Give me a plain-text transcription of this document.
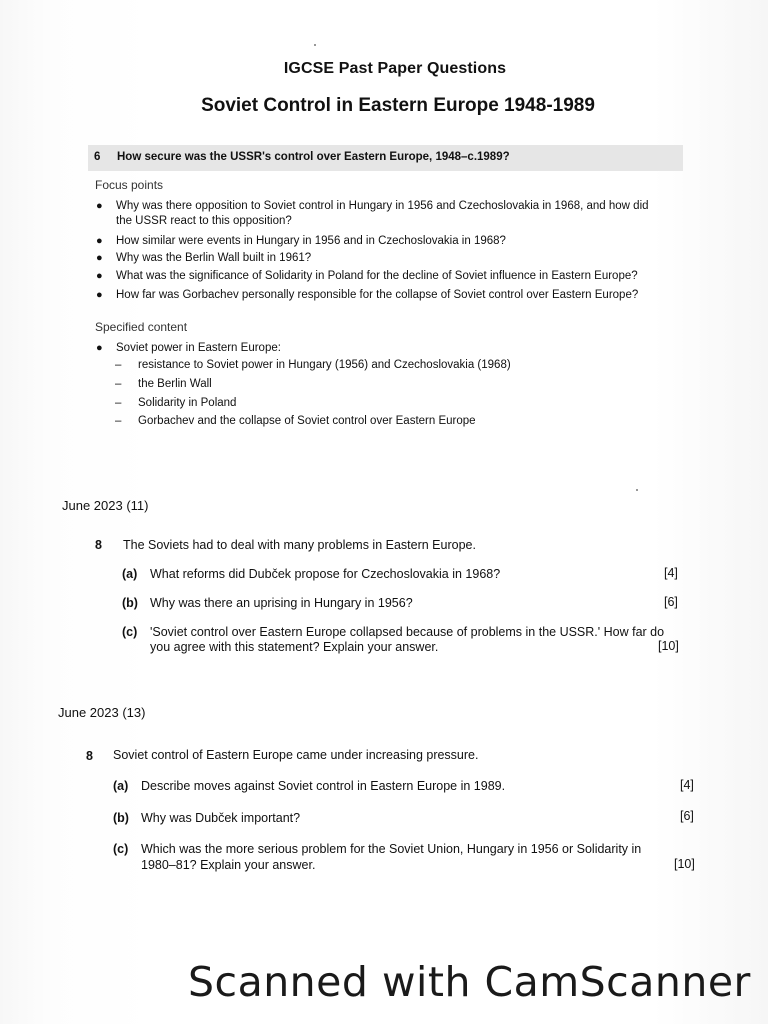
IGCSE Past Paper Questions
Soviet Control in Eastern Europe 1948-1989
6 How secure was the USSR's control over Eastern Europe, 1948–c.1989?
Focus points
● Why was there opposition to Soviet control in Hungary in 1956 and Czechoslovakia in 1968, and how did
the USSR react to this opposition?
● How similar were events in Hungary in 1956 and in Czechoslovakia in 1968?
● Why was the Berlin Wall built in 1961?
● What was the significance of Solidarity in Poland for the decline of Soviet influence in Eastern Europe?
● How far was Gorbachev personally responsible for the collapse of Soviet control over Eastern Europe?
Specified content
● Soviet power in Eastern Europe:
– resistance to Soviet power in Hungary (1956) and Czechoslovakia (1968)
– the Berlin Wall
– Solidarity in Poland
– Gorbachev and the collapse of Soviet control over Eastern Europe
June 2023 (11)
8 The Soviets had to deal with many problems in Eastern Europe.
(a) What reforms did Dubček propose for Czechoslovakia in 1968?	[4]
(b) Why was there an uprising in Hungary in 1956?	[6]
(c) 'Soviet control over Eastern Europe collapsed because of problems in the USSR.' How far do
you agree with this statement? Explain your answer.	[10]
June 2023 (13)
8 Soviet control of Eastern Europe came under increasing pressure.
(a) Describe moves against Soviet control in Eastern Europe in 1989.	[4]
(b) Why was Dubček important?	[6]
(c) Which was the more serious problem for the Soviet Union, Hungary in 1956 or Solidarity in
1980–81? Explain your answer.	[10]
Scanned with CamScanner
